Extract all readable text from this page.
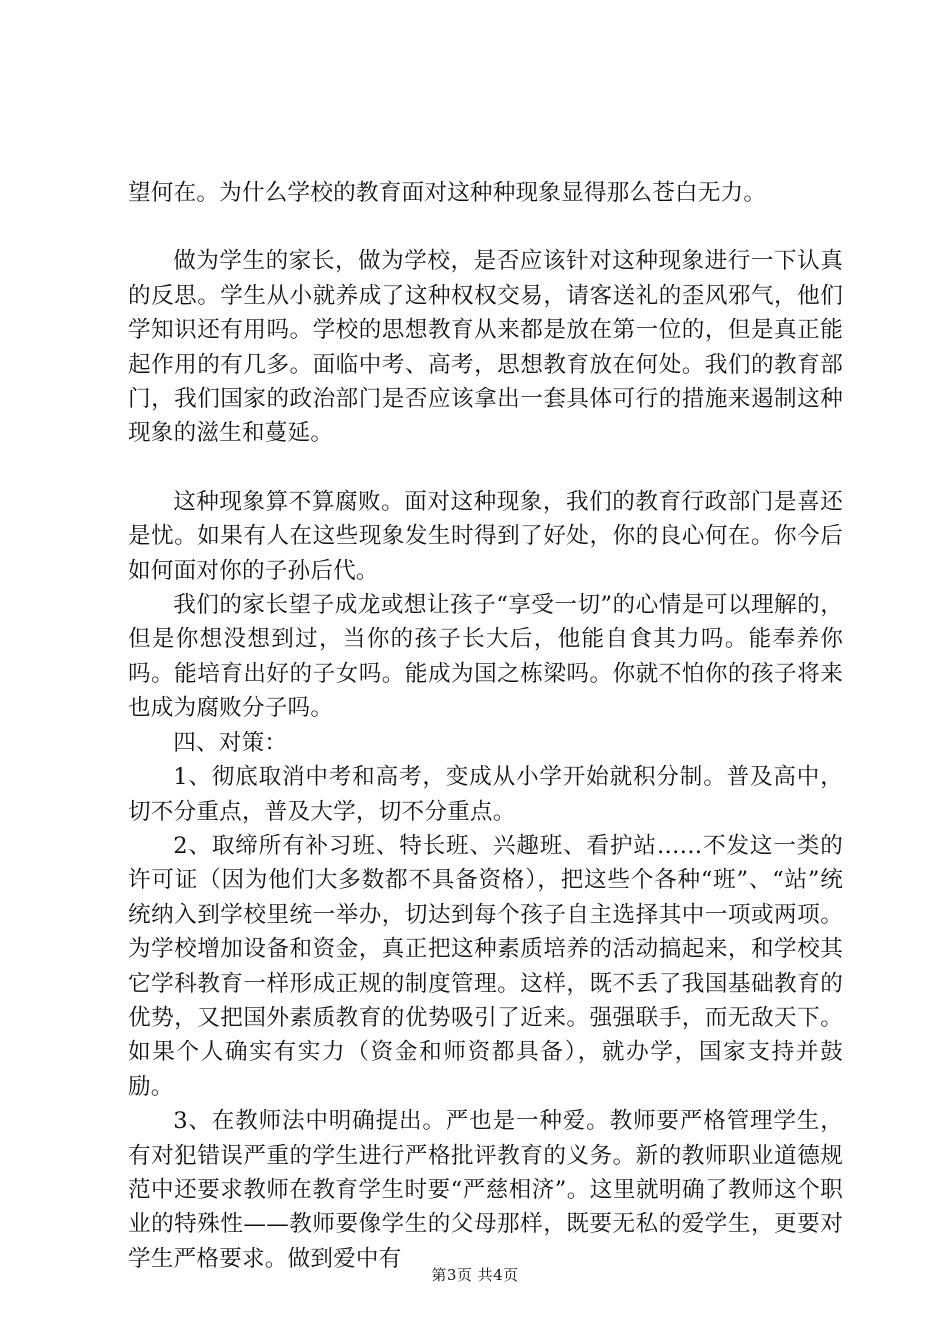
望何在。为什么学校的教育面对这种种现象显得那么苍白无力。

做为学生的家长，做为学校，是否应该针对这种现象进行一下认真的反思。学生从小就养成了这种权权交易，请客送礼的歪风邪气，他们学知识还有用吗。学校的思想教育从来都是放在第一位的，但是真正能起作用的有几多。面临中考、高考，思想教育放在何处。我们的教育部门，我们国家的政治部门是否应该拿出一套具体可行的措施来遏制这种现象的滋生和蔓延。

这种现象算不算腐败。面对这种现象，我们的教育行政部门是喜还是忧。如果有人在这些现象发生时得到了好处，你的良心何在。你今后如何面对你的子孙后代。

我们的家长望子成龙或想让孩子“享受一切”的心情是可以理解的，但是你想没想到过，当你的孩子长大后，他能自食其力吗。能奉养你吗。能培育出好的子女吗。能成为国之栋梁吗。你就不怕你的孩子将来也成为腐败分子吗。

四、对策：

1、彻底取消中考和高考，变成从小学开始就积分制。普及高中，切不分重点，普及大学，切不分重点。

2、取缔所有补习班、特长班、兴趣班、看护站……不发这一类的许可证（因为他们大多数都不具备资格），把这些个各种“班”、“站”统统纳入到学校里统一举办，切达到每个孩子自主选择其中一项或两项。为学校增加设备和资金，真正把这种素质培养的活动搞起来，和学校其它学科教育一样形成正规的制度管理。这样，既不丢了我国基础教育的优势，又把国外素质教育的优势吸引了近来。强强联手，而无敌天下。如果个人确实有实力（资金和师资都具备），就办学，国家支持并鼓励。

3、在教师法中明确提出。严也是一种爱。教师要严格管理学生，有对犯错误严重的学生进行严格批评教育的义务。新的教师职业道德规范中还要求教师在教育学生时要“严慈相济”。这里就明确了教师这个职业的特殊性——教师要像学生的父母那样，既要无私的爱学生，更要对学生严格要求。做到爱中有

第3页 共4页
